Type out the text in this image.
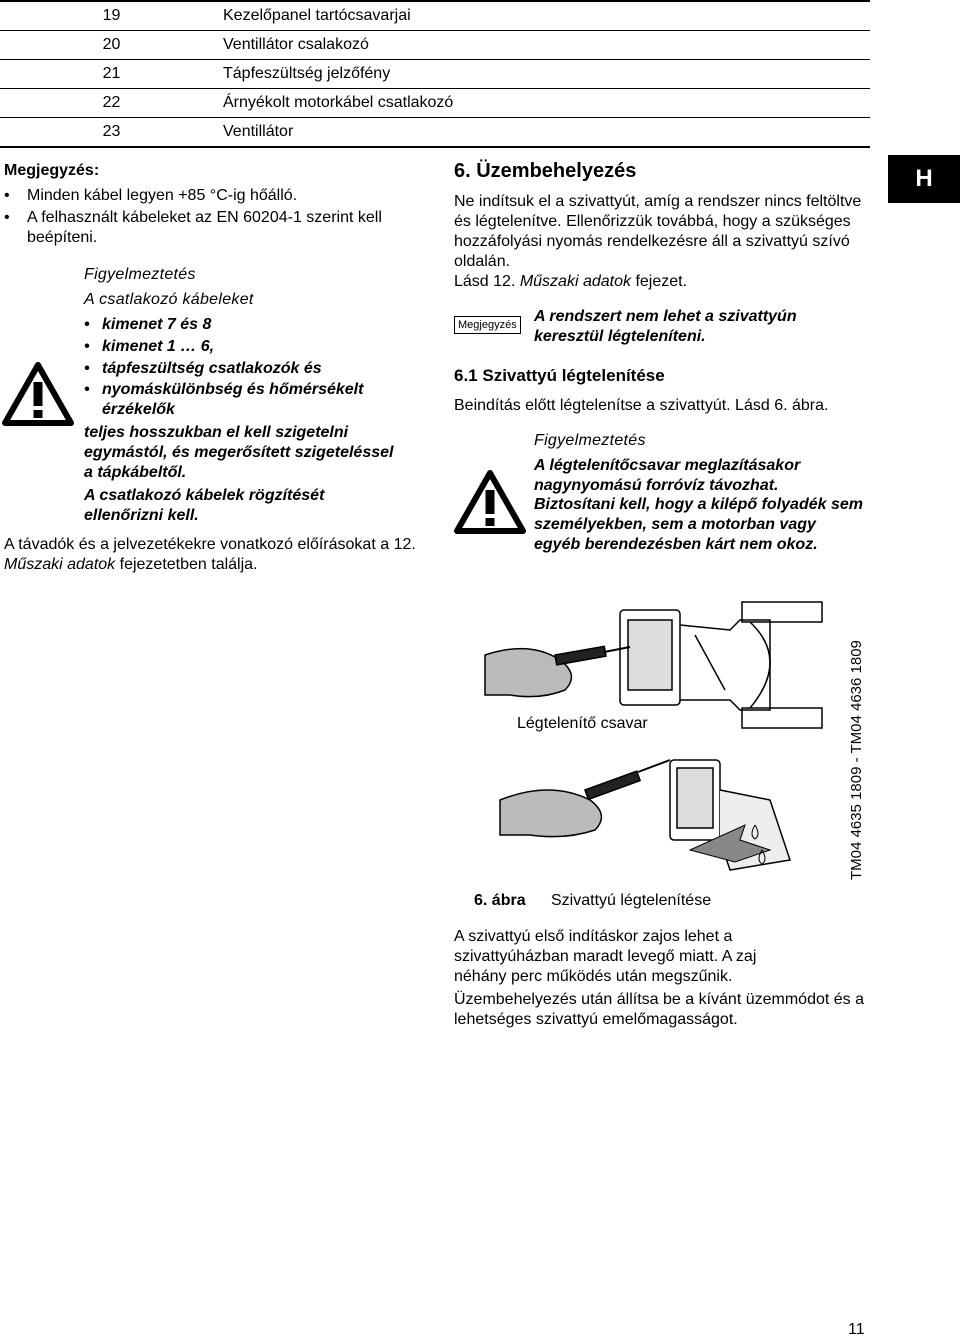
19	Kezelőpanel tartócsavarjai
20	Ventillátor csalakozó
21	Tápfeszültség jelzőfény
22	Árnyékolt motorkábel csatlakozó
23	Ventillátor
Megjegyzés:
•	Minden kábel legyen +85 °C-ig hőálló.
•	A felhasznált kábeleket az EN 60204-1 szerint kell beépíteni.
Figyelmeztetés
A csatlakozó kábeleket
• kimenet 7 és 8
• kimenet 1 … 6,
• tápfeszültség csatlakozók és
• nyomáskülönbség és hőmérsékelt érzékelők
teljes hosszukban el kell szigetelni egymástól, és megerősített szigeteléssel a tápkábeltől.
A csatlakozó kábelek rögzítését ellenőrizni kell.
A távadók és a jelvezetékekre vonatkozó előírásokat a 12. Műszaki adatok fejezetetben találja.
6. Üzembehelyezés
Ne indítsuk el a szivattyút, amíg a rendszer nincs feltöltve és légtelenítve. Ellenőrizzük továbbá, hogy a szükséges hozzáfolyási nyomás rendelkezésre áll a szivattyú szívó oldalán.
Lásd 12. Műszaki adatok fejezet.
Megjegyzés A rendszert nem lehet a szivattyún keresztül légteleníteni.
6.1 Szivattyú légtelenítése
Beindítás előtt légtelenítse a szivattyút. Lásd 6. ábra.
Figyelmeztetés
A légtelenítőcsavar meglazításakor nagynyomású forróvíz távozhat.
Biztosítani kell, hogy a kilépő folyadék sem személyekben, sem a motorban vagy egyéb berendezésben kárt nem okoz.
H
Légtelenítő csavar	TM04 4635 1809 - TM04 4636 1809
6. ábra Szivattyú légtelenítése
A szivattyú első indításkor zajos lehet a szivattyúházban maradt levegő miatt. A zaj néhány perc működés után megszűnik.
Üzembehelyezés után állítsa be a kívánt üzemmódot és a lehetséges szivattyú emelőmagasságot.
11
